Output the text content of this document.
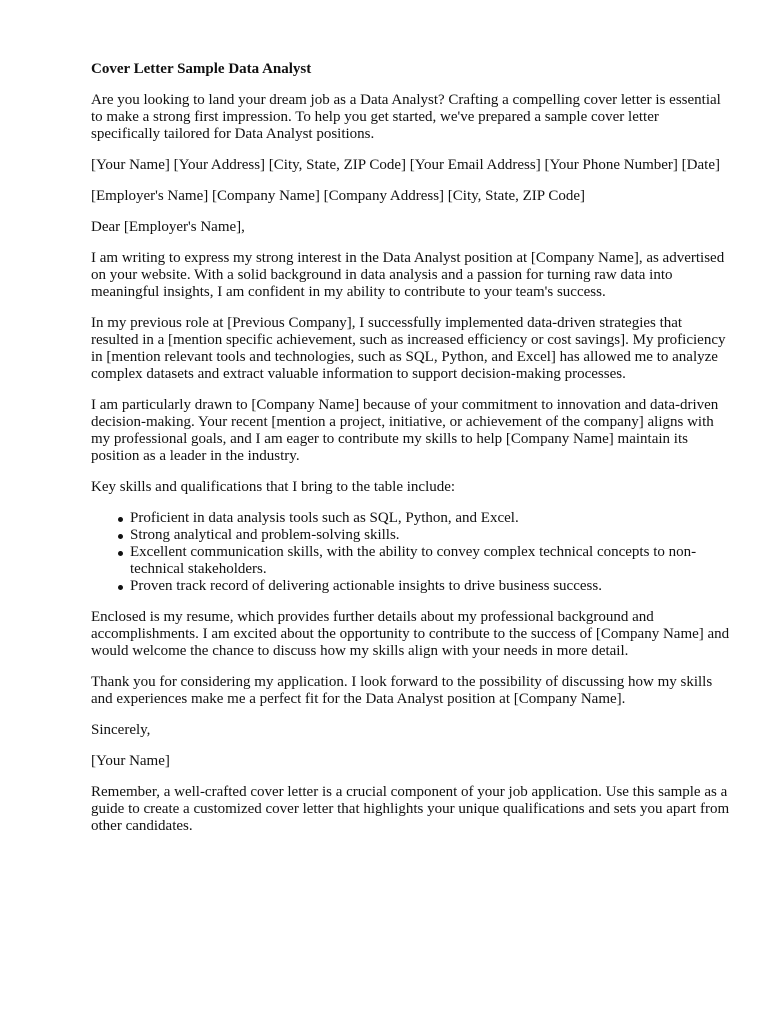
Cover Letter Sample Data Analyst

Are you looking to land your dream job as a Data Analyst? Crafting a compelling cover letter is essential to make a strong first impression. To help you get started, we've prepared a sample cover letter specifically tailored for Data Analyst positions.

[Your Name] [Your Address] [City, State, ZIP Code] [Your Email Address] [Your Phone Number] [Date]

[Employer's Name] [Company Name] [Company Address] [City, State, ZIP Code]

Dear [Employer's Name],

I am writing to express my strong interest in the Data Analyst position at [Company Name], as advertised on your website. With a solid background in data analysis and a passion for turning raw data into meaningful insights, I am confident in my ability to contribute to your team's success.

In my previous role at [Previous Company], I successfully implemented data-driven strategies that resulted in a [mention specific achievement, such as increased efficiency or cost savings]. My proficiency in [mention relevant tools and technologies, such as SQL, Python, and Excel] has allowed me to analyze complex datasets and extract valuable information to support decision-making processes.

I am particularly drawn to [Company Name] because of your commitment to innovation and data-driven decision-making. Your recent [mention a project, initiative, or achievement of the company] aligns with my professional goals, and I am eager to contribute my skills to help [Company Name] maintain its position as a leader in the industry.

Key skills and qualifications that I bring to the table include:

Proficient in data analysis tools such as SQL, Python, and Excel.
Strong analytical and problem-solving skills.
Excellent communication skills, with the ability to convey complex technical concepts to non-technical stakeholders.
Proven track record of delivering actionable insights to drive business success.

Enclosed is my resume, which provides further details about my professional background and accomplishments. I am excited about the opportunity to contribute to the success of [Company Name] and would welcome the chance to discuss how my skills align with your needs in more detail.

Thank you for considering my application. I look forward to the possibility of discussing how my skills and experiences make me a perfect fit for the Data Analyst position at [Company Name].

Sincerely,

[Your Name]

Remember, a well-crafted cover letter is a crucial component of your job application. Use this sample as a guide to create a customized cover letter that highlights your unique qualifications and sets you apart from other candidates.
